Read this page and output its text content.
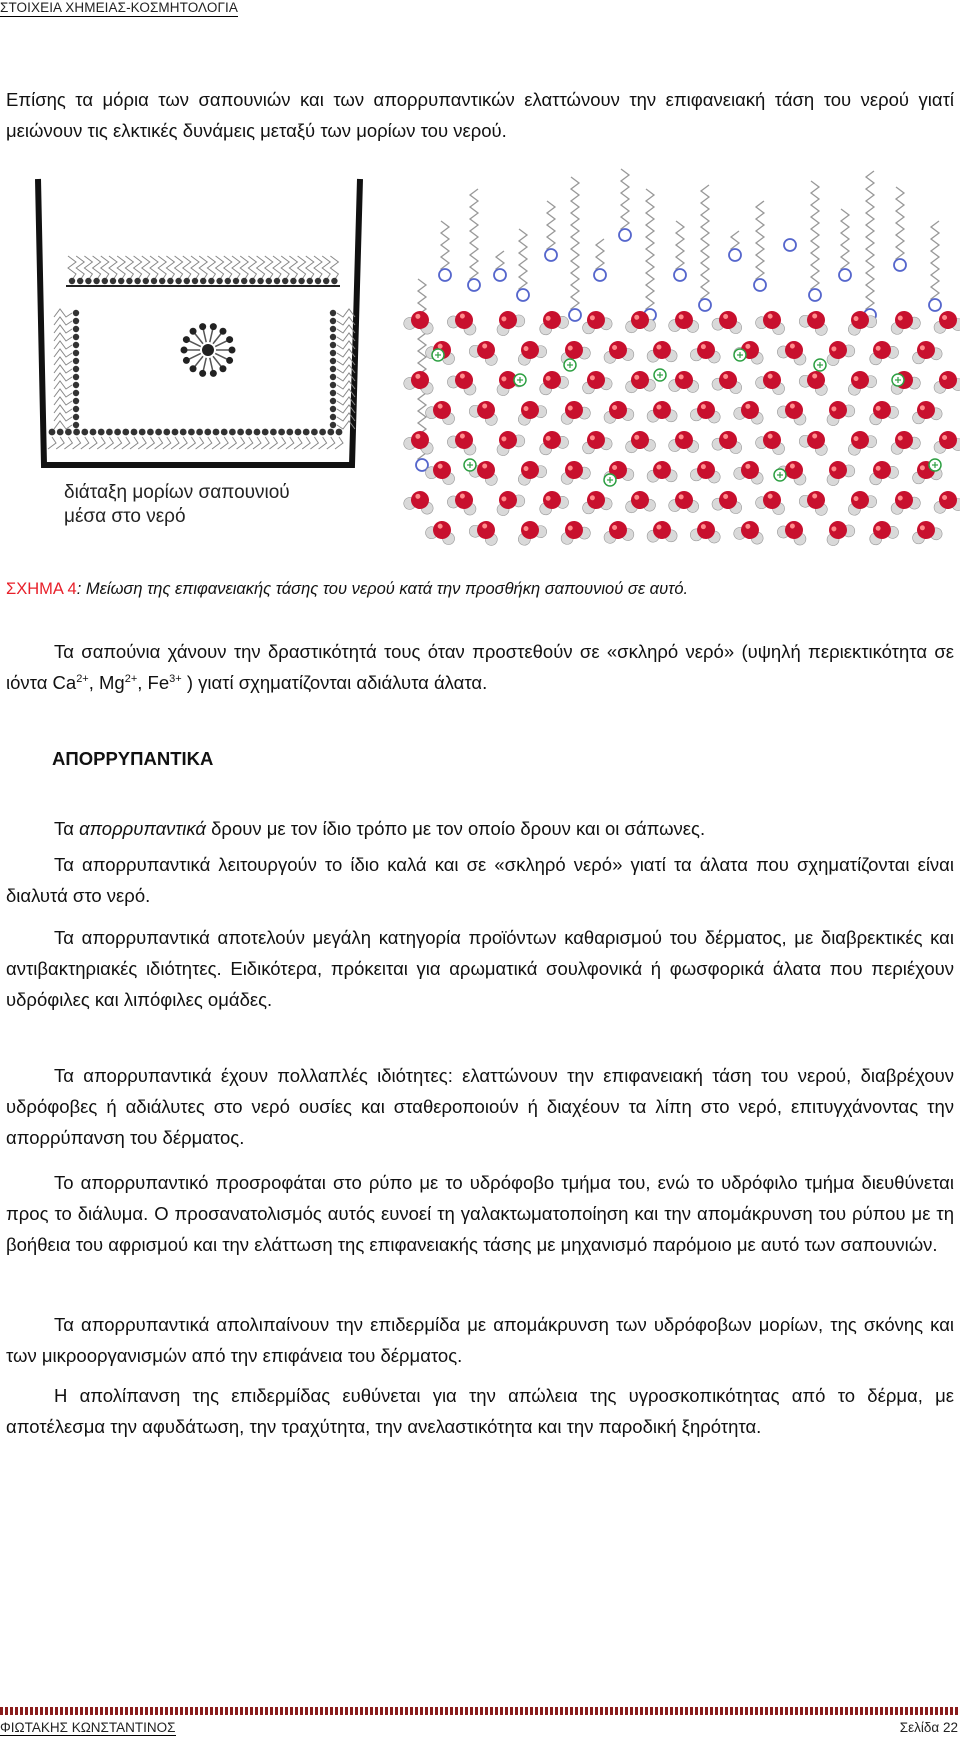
ΣΤΟΙΧΕΙΑ ΧΗΜΕΙΑΣ-ΚΟΣΜΗΤΟΛΟΓΙΑ

Επίσης τα μόρια των σαπουνιών και των απορρυπαντικών ελαττώνουν την επιφανειακή τάση του νερού γιατί μειώνουν τις ελκτικές δυνάμεις μεταξύ των μορίων του νερού.

διάταξη μορίων σαπουνιού
μέσα στο νερό
ΣΧΗΜΑ 4: Μείωση της επιφανειακής τάσης του νερού κατά την προσθήκη σαπουνιού σε αυτό.

Τα σαπούνια χάνουν την δραστικότητά τους όταν προστεθούν σε «σκληρό νερό» (υψηλή περιεκτικότητα σε ιόντα $Ca^{2+}$, $Mg^{2+}$, $Fe^{3+}$ ) γιατί σχηματίζονται αδιάλυτα άλατα.

ΑΠΟΡΡΥΠΑΝΤΙΚΑ

Τα απορρυπαντικά δρουν με τον ίδιο τρόπο με τον οποίο δρουν και οι σάπωνες.

Τα απορρυπαντικά λειτουργούν το ίδιο καλά και σε «σκληρό νερό» γιατί τα άλατα που σχηματίζονται είναι διαλυτά στο νερό.

Τα απορρυπαντικά αποτελούν μεγάλη κατηγορία προϊόντων καθαρισμού του δέρματος, με διαβρεκτικές και αντιβακτηριακές ιδιότητες. Ειδικότερα, πρόκειται για αρωματικά σουλφονικά ή φωσφορικά άλατα που περιέχουν υδρόφιλες και λιπόφιλες ομάδες.

Τα απορρυπαντικά έχουν πολλαπλές ιδιότητες: ελαττώνουν την επιφανειακή τάση του νερού, διαβρέχουν υδρόφοβες ή αδιάλυτες στο νερό ουσίες και σταθεροποιούν ή διαχέουν τα λίπη στο νερό, επιτυγχάνοντας την απορρύπανση του δέρματος.

Το απορρυπαντικό προσροφάται στο ρύπο με το υδρόφοβο τμήμα του, ενώ το υδρόφιλο τμήμα διευθύνεται προς το διάλυμα. Ο προσανατολισμός αυτός ευνοεί τη γαλακτωματοποίηση και την απομάκρυνση του ρύπου με τη βοήθεια του αφρισμού και την ελάττωση της επιφανειακής τάσης με μηχανισμό παρόμοιο με αυτό των σαπουνιών.

Τα απορρυπαντικά απολιπαίνουν την επιδερμίδα με απομάκρυνση των υδρόφοβων μορίων, της σκόνης και των μικροοργανισμών από την επιφάνεια του δέρματος.

Η απολίπανση της επιδερμίδας ευθύνεται για την απώλεια της υγροσκοπικότητας από το δέρμα, με αποτέλεσμα την αφυδάτωση, την τραχύτητα, την ανελαστικότητα και την παροδική ξηρότητα.

ΦΙΩΤΑΚΗΣ ΚΩΝΣΤΑΝΤΙΝΟΣ	Σελίδα 22
